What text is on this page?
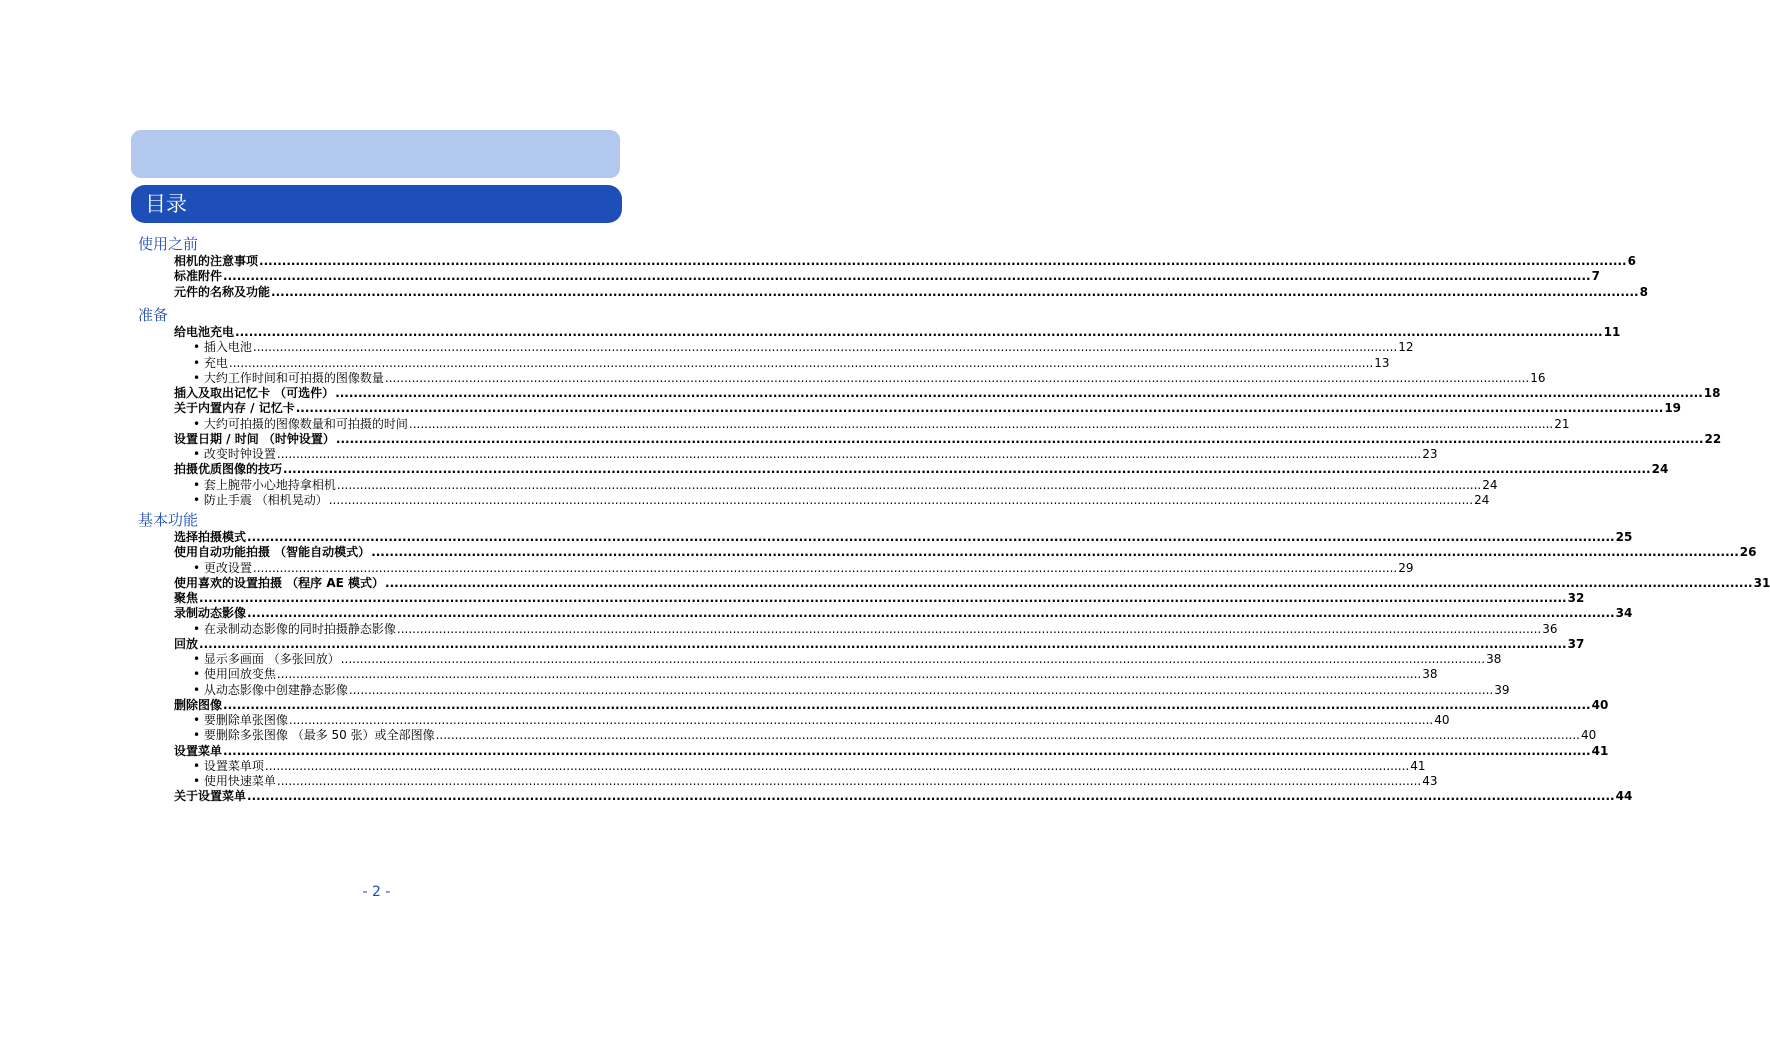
目录
使用之前
相机的注意事项 ............................................................................................................................................................................................................................................................................................................ 6
标准附件 ............................................................................................................................................................................................................................................................................................................ 7
元件的名称及功能 ............................................................................................................................................................................................................................................................................................................ 8
准备
给电池充电 ............................................................................................................................................................................................................................................................................................................ 11
• 插入电池 ............................................................................................................................................................................................................................................................................................................ 12
• 充电 ............................................................................................................................................................................................................................................................................................................ 13
• 大约工作时间和可拍摄的图像数量 ............................................................................................................................................................................................................................................................................................................ 16
插入及取出记忆卡 （可选件） ............................................................................................................................................................................................................................................................................................................ 18
关于内置内存 / 记忆卡 ............................................................................................................................................................................................................................................................................................................ 19
• 大约可拍摄的图像数量和可拍摄的时间 ............................................................................................................................................................................................................................................................................................................ 21
设置日期 / 时间 （时钟设置） ............................................................................................................................................................................................................................................................................................................ 22
• 改变时钟设置 ............................................................................................................................................................................................................................................................................................................ 23
拍摄优质图像的技巧 ............................................................................................................................................................................................................................................................................................................ 24
• 套上腕带小心地持拿相机 ............................................................................................................................................................................................................................................................................................................ 24
• 防止手震 （相机晃动） ............................................................................................................................................................................................................................................................................................................ 24
基本功能
选择拍摄模式 ............................................................................................................................................................................................................................................................................................................ 25
使用自动功能拍摄 （智能自动模式） ............................................................................................................................................................................................................................................................................................................ 26
• 更改设置 ............................................................................................................................................................................................................................................................................................................ 29
使用喜欢的设置拍摄 （程序 AE 模式） ............................................................................................................................................................................................................................................................................................................ 31
聚焦 ............................................................................................................................................................................................................................................................................................................ 32
录制动态影像 ............................................................................................................................................................................................................................................................................................................ 34
• 在录制动态影像的同时拍摄静态影像 ............................................................................................................................................................................................................................................................................................................ 36
回放 ............................................................................................................................................................................................................................................................................................................ 37
• 显示多画面 （多张回放） ............................................................................................................................................................................................................................................................................................................ 38
• 使用回放变焦 ............................................................................................................................................................................................................................................................................................................ 38
• 从动态影像中创建静态影像 ............................................................................................................................................................................................................................................................................................................ 39
删除图像 ............................................................................................................................................................................................................................................................................................................ 40
• 要删除单张图像 ............................................................................................................................................................................................................................................................................................................ 40
• 要删除多张图像 （最多 50 张）或全部图像 ............................................................................................................................................................................................................................................................................................................ 40
设置菜单 ............................................................................................................................................................................................................................................................................................................ 41
• 设置菜单项 ............................................................................................................................................................................................................................................................................................................ 41
• 使用快速菜单 ............................................................................................................................................................................................................................................................................................................ 43
关于设置菜单 ............................................................................................................................................................................................................................................................................................................ 44
- 2 -
